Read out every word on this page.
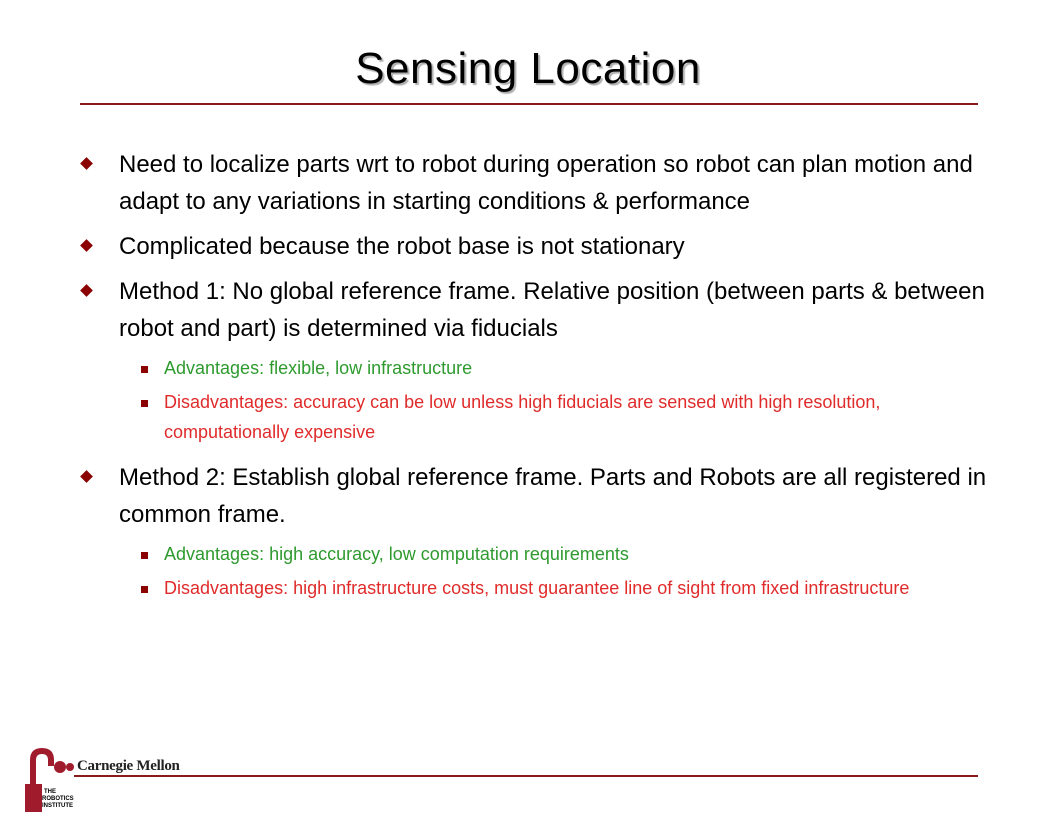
Sensing Location
Need to localize parts wrt to robot during operation so robot can plan motion and adapt to any variations in starting conditions & performance
Complicated because the robot base is not stationary
Method 1: No global reference frame. Relative position (between parts & between robot and part) is determined via fiducials
Advantages: flexible, low infrastructure
Disadvantages: accuracy can be low unless high fiducials are sensed with high resolution, computationally expensive
Method 2: Establish global reference frame. Parts and Robots are all registered in common frame.
Advantages: high accuracy, low computation requirements
Disadvantages: high infrastructure costs, must guarantee line of sight from fixed infrastructure
THE
ROBOTICS
INSTITUTE
Carnegie Mellon
